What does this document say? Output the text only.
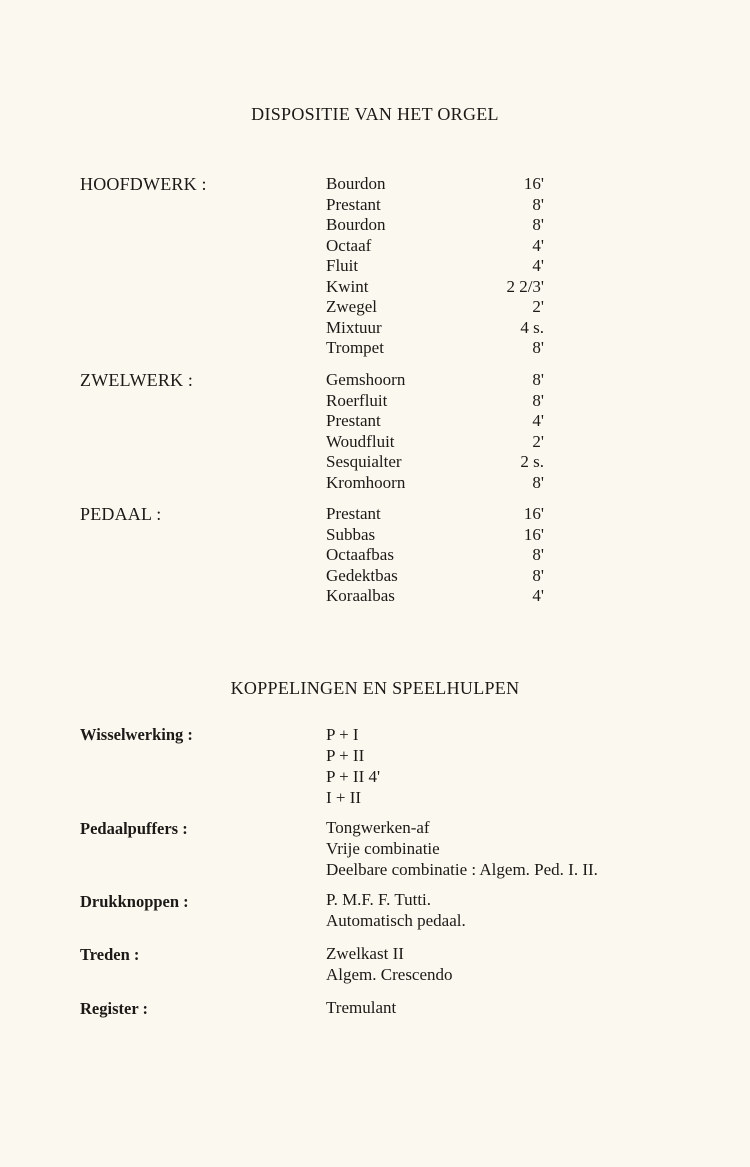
DISPOSITIE VAN HET ORGEL
HOOFDWERK :	Bourdon	16'
Prestant	8'
Bourdon	8'
Octaaf	4'
Fluit	4'
Kwint	2 2/3'
Zwegel	2'
Mixtuur	4 s.
Trompet	8'
ZWELWERK :	Gemshoorn	8'
Roerfluit	8'
Prestant	4'
Woudfluit	2'
Sesquialter	2 s.
Kromhoorn	8'
PEDAAL :	Prestant	16'
Subbas	16'
Octaafbas	8'
Gedektbas	8'
Koraalbas	4'
KOPPELINGEN EN SPEELHULPEN
Wisselwerking :	P + I
P + II
P + II 4'
I + II
Pedaalpuffers :	Tongwerken-af
Vrije combinatie
Deelbare combinatie : Algem. Ped. I. II.
Drukknoppen :	P. M.F. F. Tutti.
Automatisch pedaal.
Treden :	Zwelkast II
Algem. Crescendo
Register :	Tremulant
